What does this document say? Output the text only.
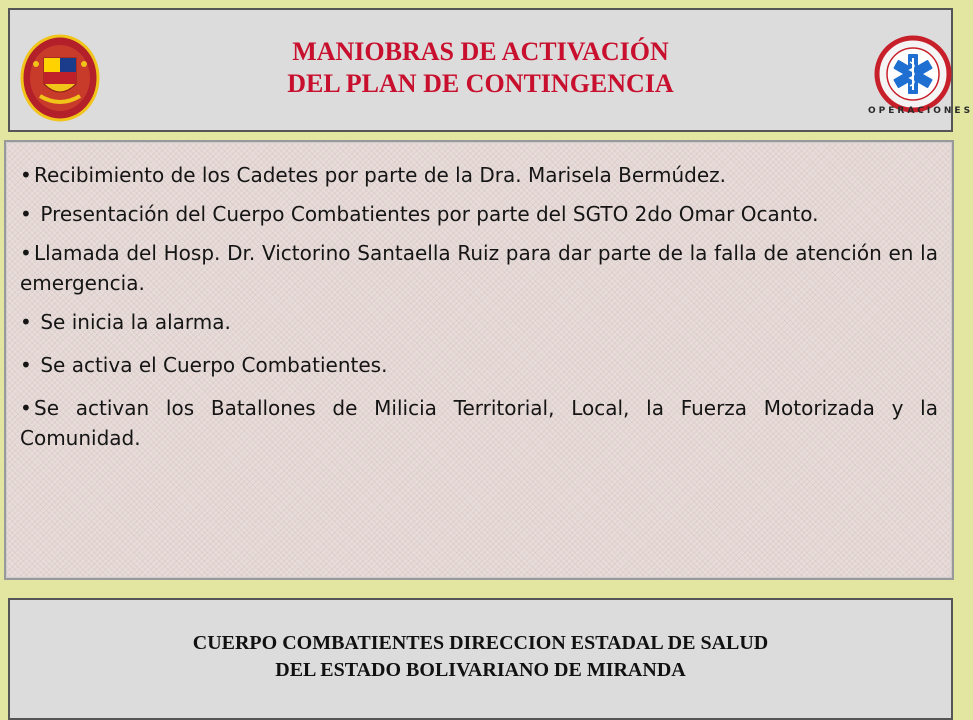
MANIOBRAS DE ACTIVACIÓN
DEL PLAN DE CONTINGENCIA
OPERACIONES
• Recibimiento de los Cadetes por parte de la Dra. Marisela Bermúdez.
• Presentación del Cuerpo Combatientes por parte del SGTO 2do Omar Ocanto.
• Llamada del Hosp. Dr. Victorino Santaella Ruiz para dar parte de la falla de atención en la emergencia.
• Se inicia la alarma.
• Se activa el Cuerpo Combatientes.
• Se activan los Batallones de Milicia Territorial, Local, la Fuerza Motorizada y la Comunidad.
CUERPO COMBATIENTES DIRECCION ESTADAL DE SALUD
DEL ESTADO BOLIVARIANO DE MIRANDA
